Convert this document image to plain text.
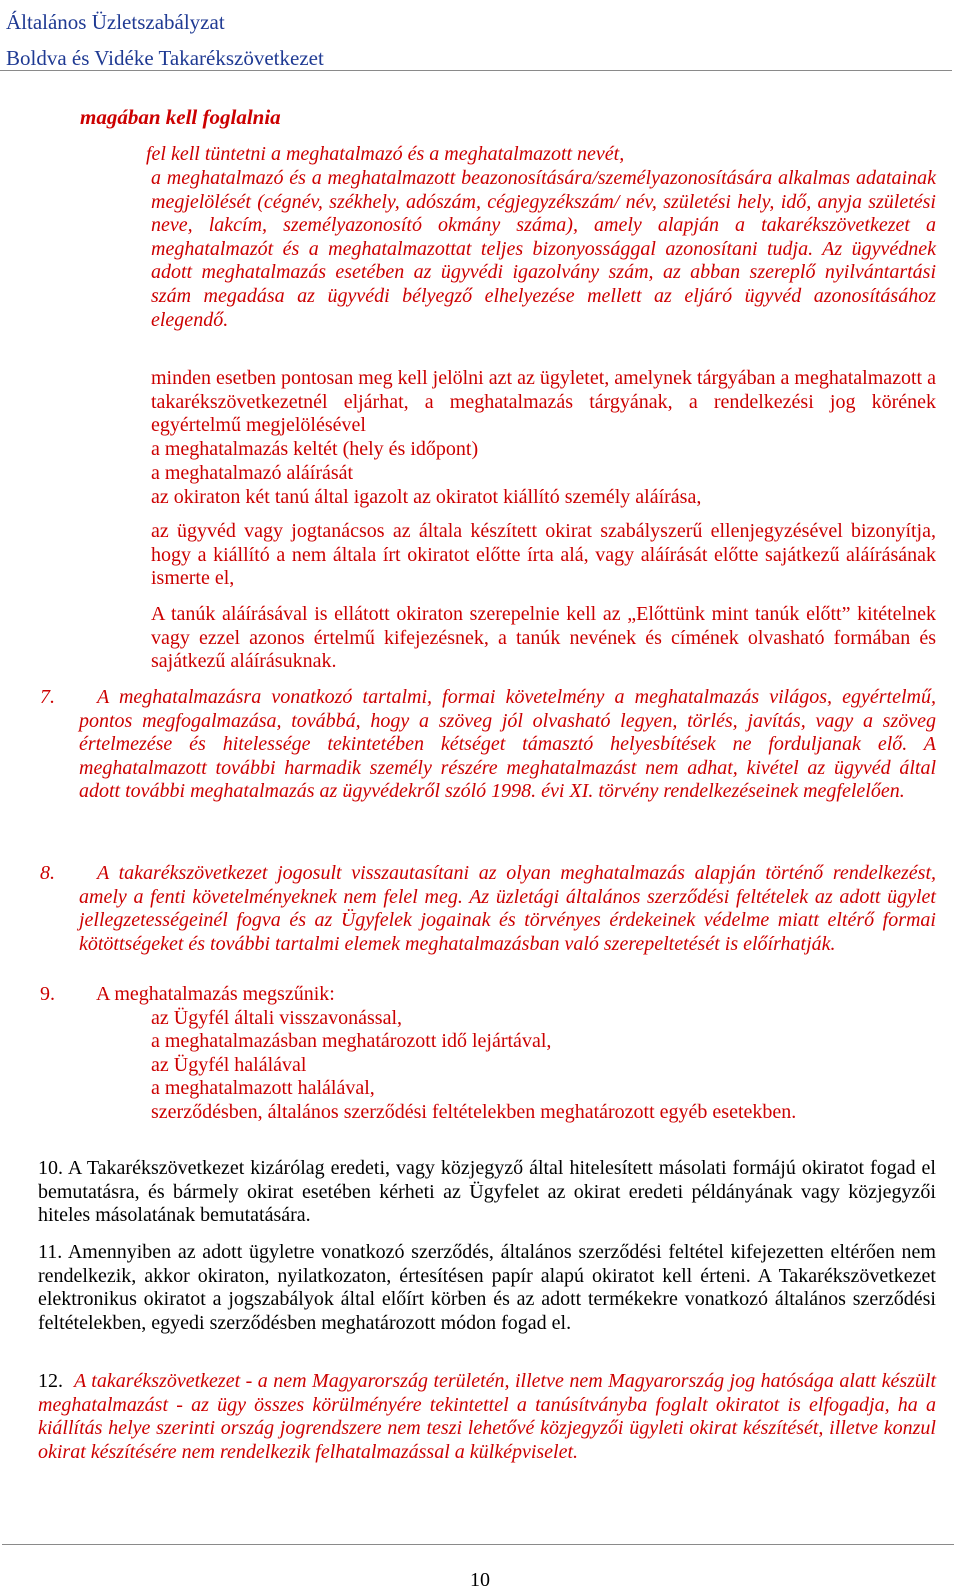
Általános Üzletszabályzat
Boldva és Vidéke Takarékszövetkezet
magában kell foglalnia
fel kell tüntetni a meghatalmazó és a meghatalmazott nevét,
a meghatalmazó és a meghatalmazott beazonosítására/személyazonosítására alkalmas adatainak megjelölését (cégnév, székhely, adószám, cégjegyzékszám/ név, születési hely, idő, anyja születési neve, lakcím, személyazonosító okmány száma), amely alapján a takarékszövetkezet a meghatalmazót és a meghatalmazottat teljes bizonyossággal azonosítani tudja. Az ügyvédnek adott meghatalmazás esetében az ügyvédi igazolvány szám, az abban szereplő nyilvántartási szám megadása az ügyvédi bélyegző elhelyezése mellett az eljáró ügyvéd azonosításához elegendő.
minden esetben pontosan meg kell jelölni azt az ügyletet, amelynek tárgyában a meghatalmazott a takarékszövetkezetnél eljárhat, a meghatalmazás tárgyának, a rendelkezési jog körének egyértelmű megjelölésével
a meghatalmazás keltét (hely és időpont)
a meghatalmazó aláírását
az okiraton két tanú által igazolt az okiratot kiállító személy aláírása,
az ügyvéd vagy jogtanácsos az általa készített okirat szabályszerű ellenjegyzésével bizonyítja, hogy a kiállító a nem általa írt okiratot előtte írta alá, vagy aláírását előtte sajátkezű aláírásának ismerte el,
A tanúk aláírásával is ellátott okiraton szerepelnie kell az „Előttünk mint tanúk előtt” kitételnek vagy ezzel azonos értelmű kifejezésnek, a tanúk nevének és címének olvasható formában és sajátkezű aláírásuknak.
7.	A meghatalmazásra vonatkozó tartalmi, formai követelmény a meghatalmazás világos, egyértelmű, pontos megfogalmazása, továbbá, hogy a szöveg jól olvasható legyen, törlés, javítás, vagy a szöveg értelmezése és hitelessége tekintetében kétséget támasztó helyesbítések ne forduljanak elő. A meghatalmazott további harmadik személy részére meghatalmazást nem adhat, kivétel az ügyvéd által adott további meghatalmazás az ügyvédekről szóló 1998. évi XI. törvény rendelkezéseinek megfelelően.
8.	A takarékszövetkezet jogosult visszautasítani az olyan meghatalmazás alapján történő rendelkezést, amely a fenti követelményeknek nem felel meg. Az üzletági általános szerződési feltételek az adott ügylet jellegzetességeinél fogva és az Ügyfelek jogainak és törvényes érdekeinek védelme miatt eltérő formai kötöttségeket és további tartalmi elemek meghatalmazásban való szerepeltetését is előírhatják.
9.	A meghatalmazás megszűnik:
az Ügyfél általi visszavonással,
a meghatalmazásban meghatározott idő lejártával,
az Ügyfél halálával
a meghatalmazott halálával,
szerződésben, általános szerződési feltételekben meghatározott egyéb esetekben.
10. A Takarékszövetkezet kizárólag eredeti, vagy közjegyző által hitelesített másolati formájú okiratot fogad el bemutatásra, és bármely okirat esetében kérheti az Ügyfelet az okirat eredeti példányának vagy közjegyzői hiteles másolatának bemutatására.
11. Amennyiben az adott ügyletre vonatkozó szerződés, általános szerződési feltétel kifejezetten eltérően nem rendelkezik, akkor okiraton, nyilatkozaton, értesítésen papír alapú okiratot kell érteni. A Takarékszövetkezet elektronikus okiratot a jogszabályok által előírt körben és az adott termékekre vonatkozó általános szerződési feltételekben, egyedi szerződésben meghatározott módon fogad el.
12. A takarékszövetkezet - a nem Magyarország területén, illetve nem Magyarország jog hatósága alatt készült meghatalmazást - az ügy összes körülményére tekintettel a tanúsítványba foglalt okiratot is elfogadja, ha a kiállítás helye szerinti ország jogrendszere nem teszi lehetővé közjegyzői ügyleti okirat készítését, illetve konzul okirat készítésére nem rendelkezik felhatalmazással a külképviselet.
10
